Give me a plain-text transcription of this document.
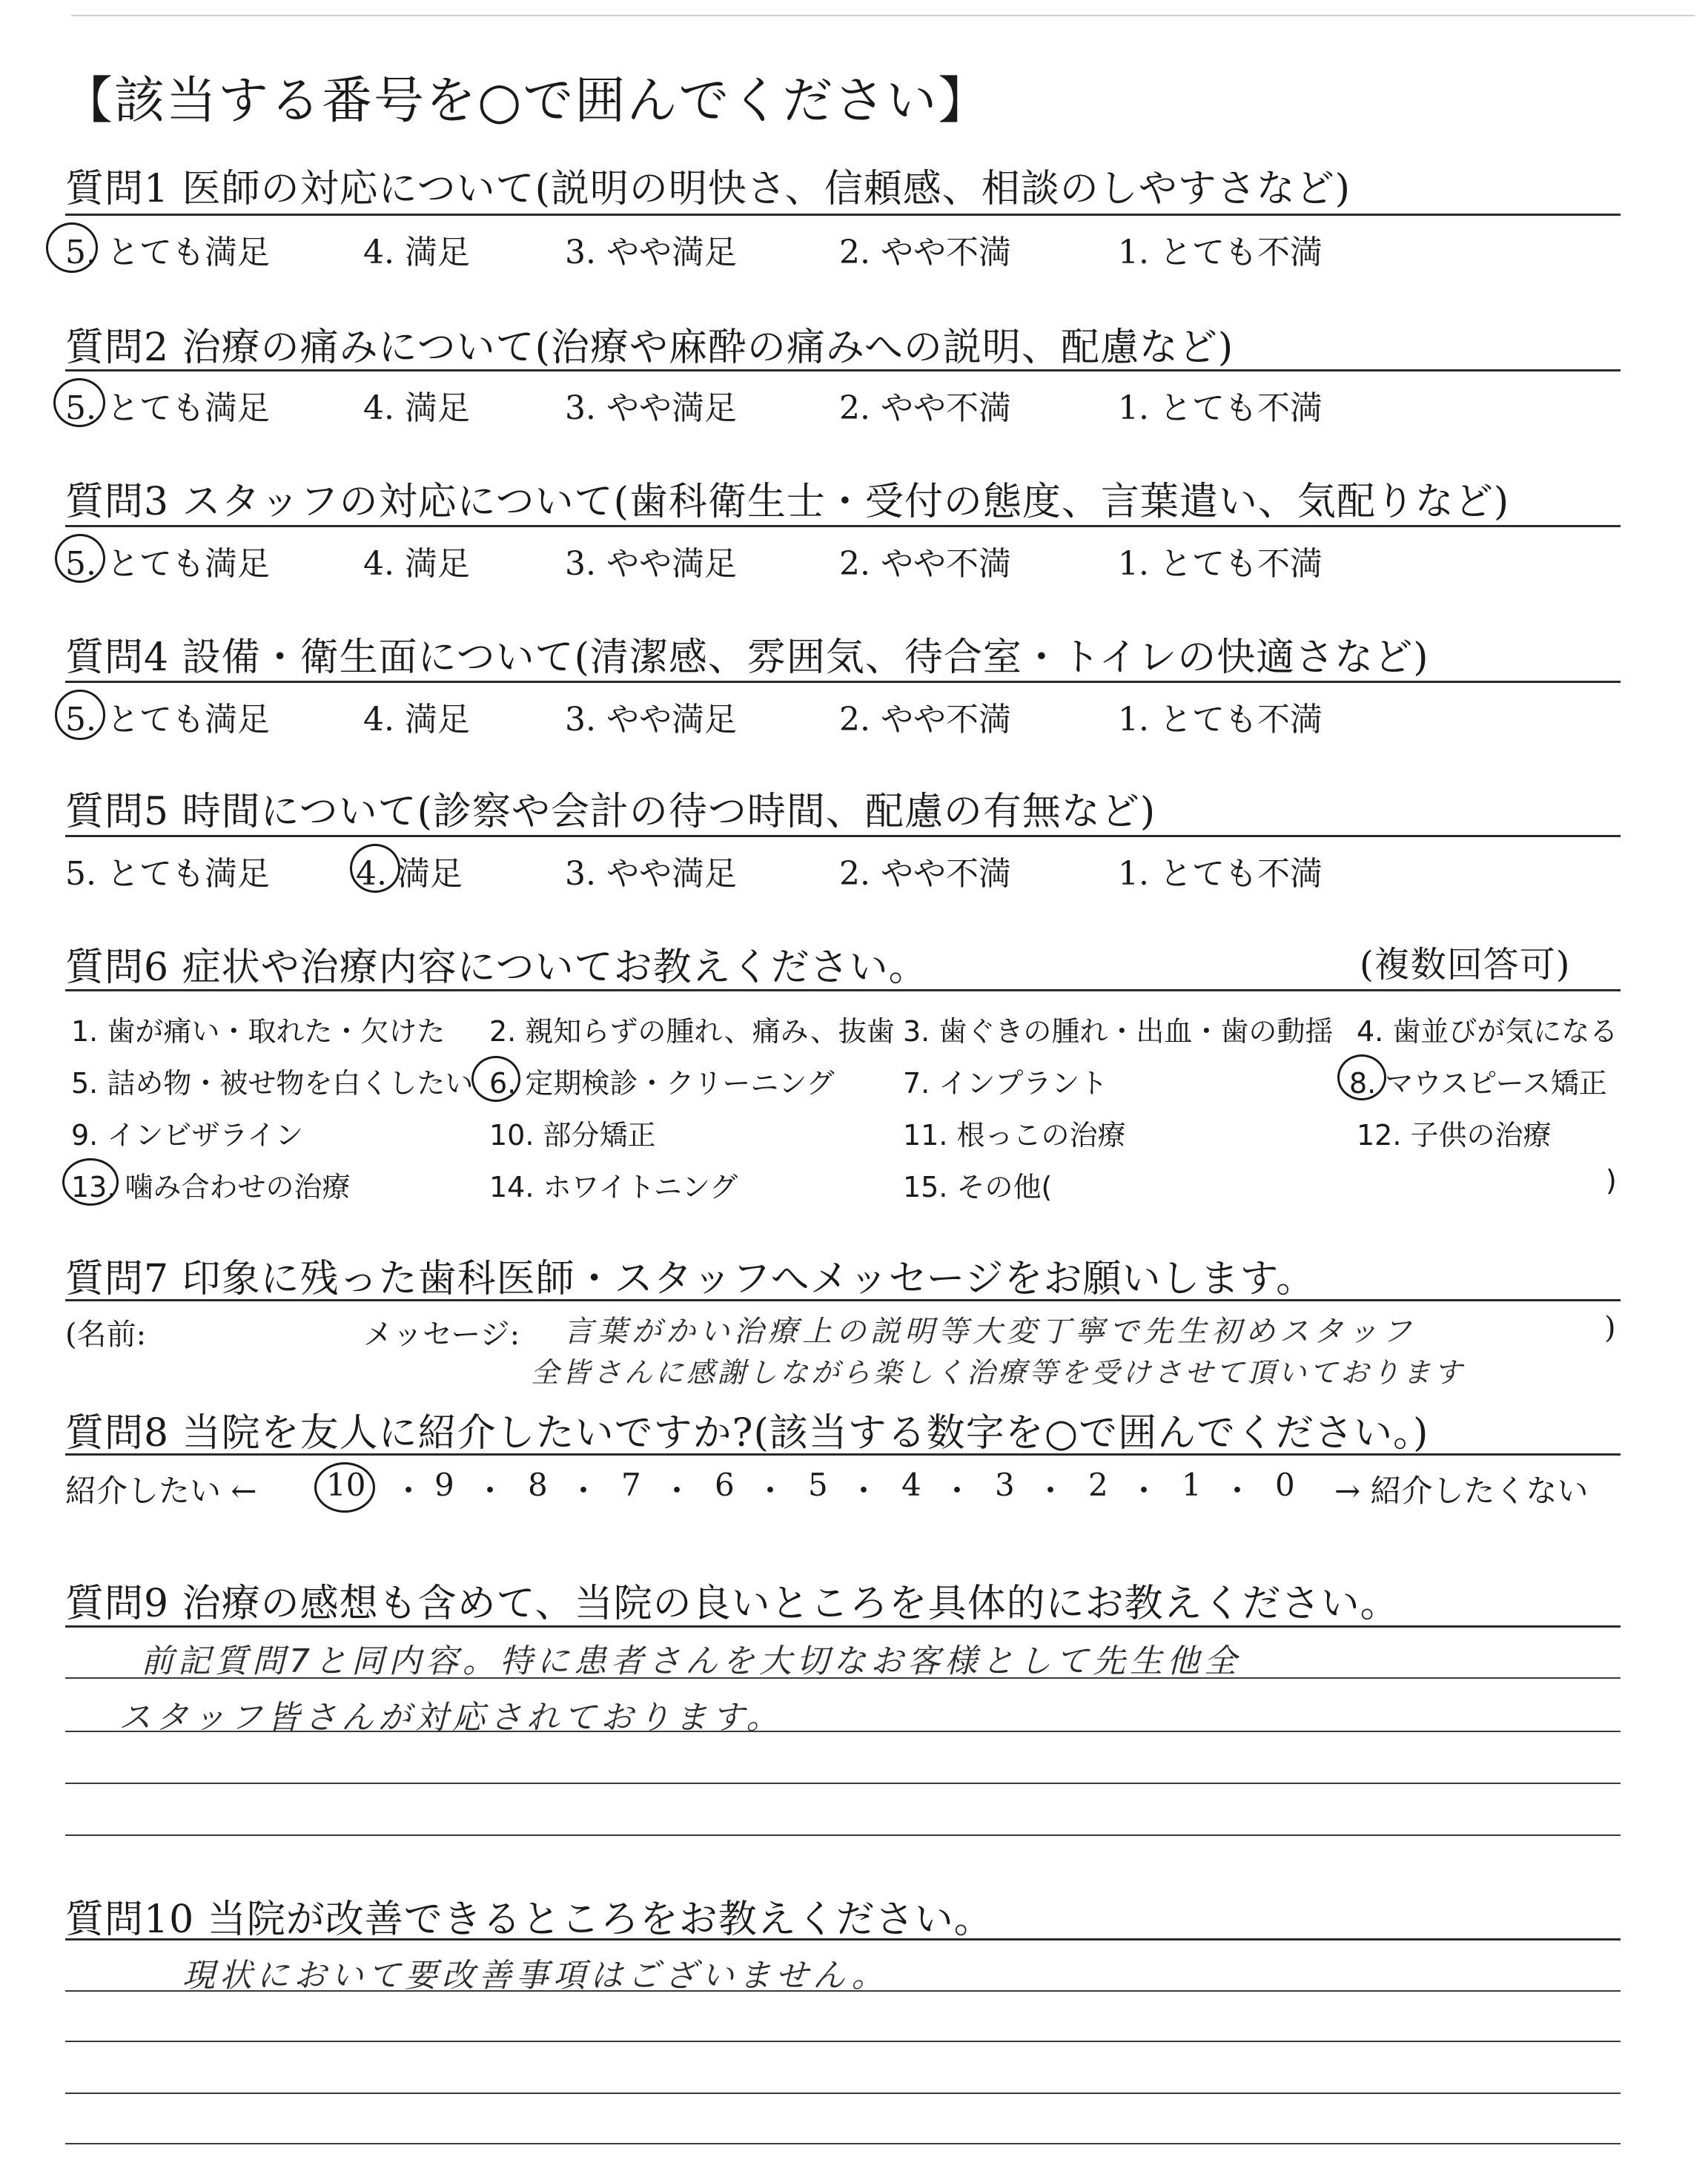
【該当する番号を○で囲んでください】
質問1 医師の対応について(説明の明快さ、信頼感、相談のしやすさなど)
5. とても満足	4. 満足	3. やや満足	2. やや不満	1. とても不満
質問2 治療の痛みについて(治療や麻酔の痛みへの説明、配慮など)
5. とても満足	4. 満足	3. やや満足	2. やや不満	1. とても不満
質問3 スタッフの対応について(歯科衛生士・受付の態度、言葉遣い、気配りなど)
5. とても満足	4. 満足	3. やや満足	2. やや不満	1. とても不満
質問4 設備・衛生面について(清潔感、雰囲気、待合室・トイレの快適さなど)
5. とても満足	4. 満足	3. やや満足	2. やや不満	1. とても不満
質問5 時間について(診察や会計の待つ時間、配慮の有無など)
5. とても満足	4. 満足	3. やや満足	2. やや不満	1. とても不満
質問6 症状や治療内容についてお教えください。	(複数回答可)
1. 歯が痛い・取れた・欠けた 2. 親知らずの腫れ、痛み、抜歯 3. 歯ぐきの腫れ・出血・歯の動揺 4. 歯並びが気になる
5. 詰め物・被せ物を白くしたい 6. 定期検診・クリーニング 7. インプラント	8. マウスピース矯正
9. インビザライン	10. 部分矯正	11. 根っこの治療	12. 子供の治療
13. 噛み合わせの治療	14. ホワイトニング	15. その他(	)
質問7 印象に残った歯科医師・スタッフへメッセージをお願いします。
(名前:	メッセージ:	)
言葉がかい治療上の説明等大変丁寧で先生初めスタッフ
全皆さんに感謝しながら楽しく治療等を受けさせて頂いております
質問8 当院を友人に紹介したいですか?(該当する数字を○で囲んでください。)
紹介したい ←	→ 紹介したくない
10 ・ 9 ・ 8 ・ 7 ・ 6 ・ 5 ・ 4 ・ 3 ・ 2 ・ 1 ・ 0
質問9 治療の感想も含めて、当院の良いところを具体的にお教えください。
前記質問7と同内容。特に患者さんを大切なお客様として先生他全
スタッフ皆さんが対応されております。
質問10 当院が改善できるところをお教えください。
現状において要改善事項はございません。
